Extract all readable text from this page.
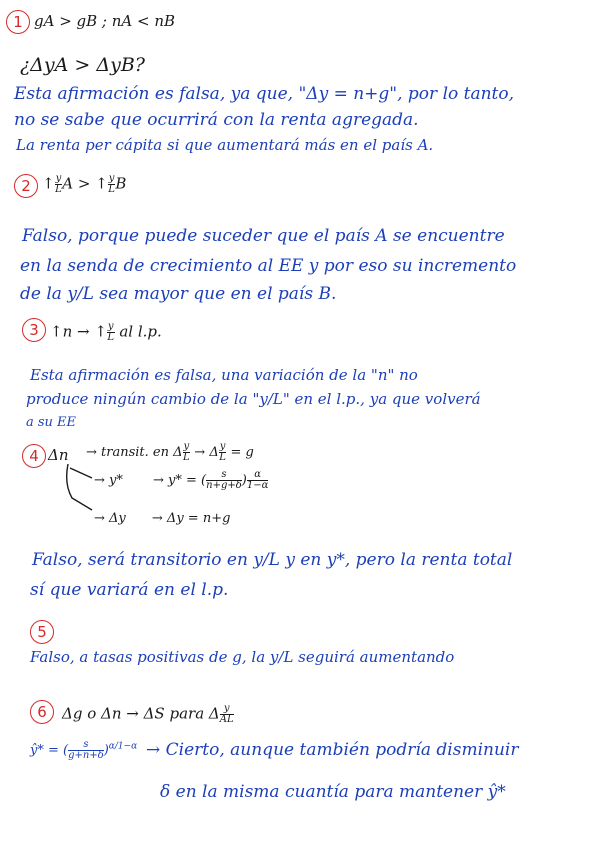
1 gA > gB ; nA < nB
¿ΔyA > ΔyB?
Esta afirmación es falsa, ya que, "Δy = n+g", por lo tanto,
no se sabe que ocurrirá con la renta agregada.
La renta per cápita si que aumentará más en el país A.
2 ↑ $\frac{y}{L}$ A > ↑ $\frac{y}{L}$ B
Falso, porque puede suceder que el país A se encuentre
en la senda de crecimiento al EE y por eso su incremento
de la y/L sea mayor que en el país B.
3 ↑n → ↑ $\frac{y}{L}$ al l.p.
Esta afirmación es falsa, una variación de la "n" no
produce ningún cambio de la "y/L" en el l.p., ya que volverá
a su EE
4 Δn → transit. en Δ $\frac{y}{L} \to \Delta \frac{y}{L} = g$
→ y* → y* = ( $\frac{s}{n+g+\delta}$ ) $\frac{\alpha}{1-\alpha}$
→ Δy → Δy = n+g
Falso, será transitorio en y/L y en y*, pero la renta total
sí que variará en el l.p.
5
Falso, a tasas positivas de g, la y/L seguirá aumentando
6	Δg o Δn → ΔS para Δ $\frac{y}{AL}$
ŷ* = ( $\frac{s}{g+n+\delta} )^{\alpha/1-\alpha}$ → Cierto, aunque también podría disminuir
δ en la misma cuantía para mantener ŷ*
